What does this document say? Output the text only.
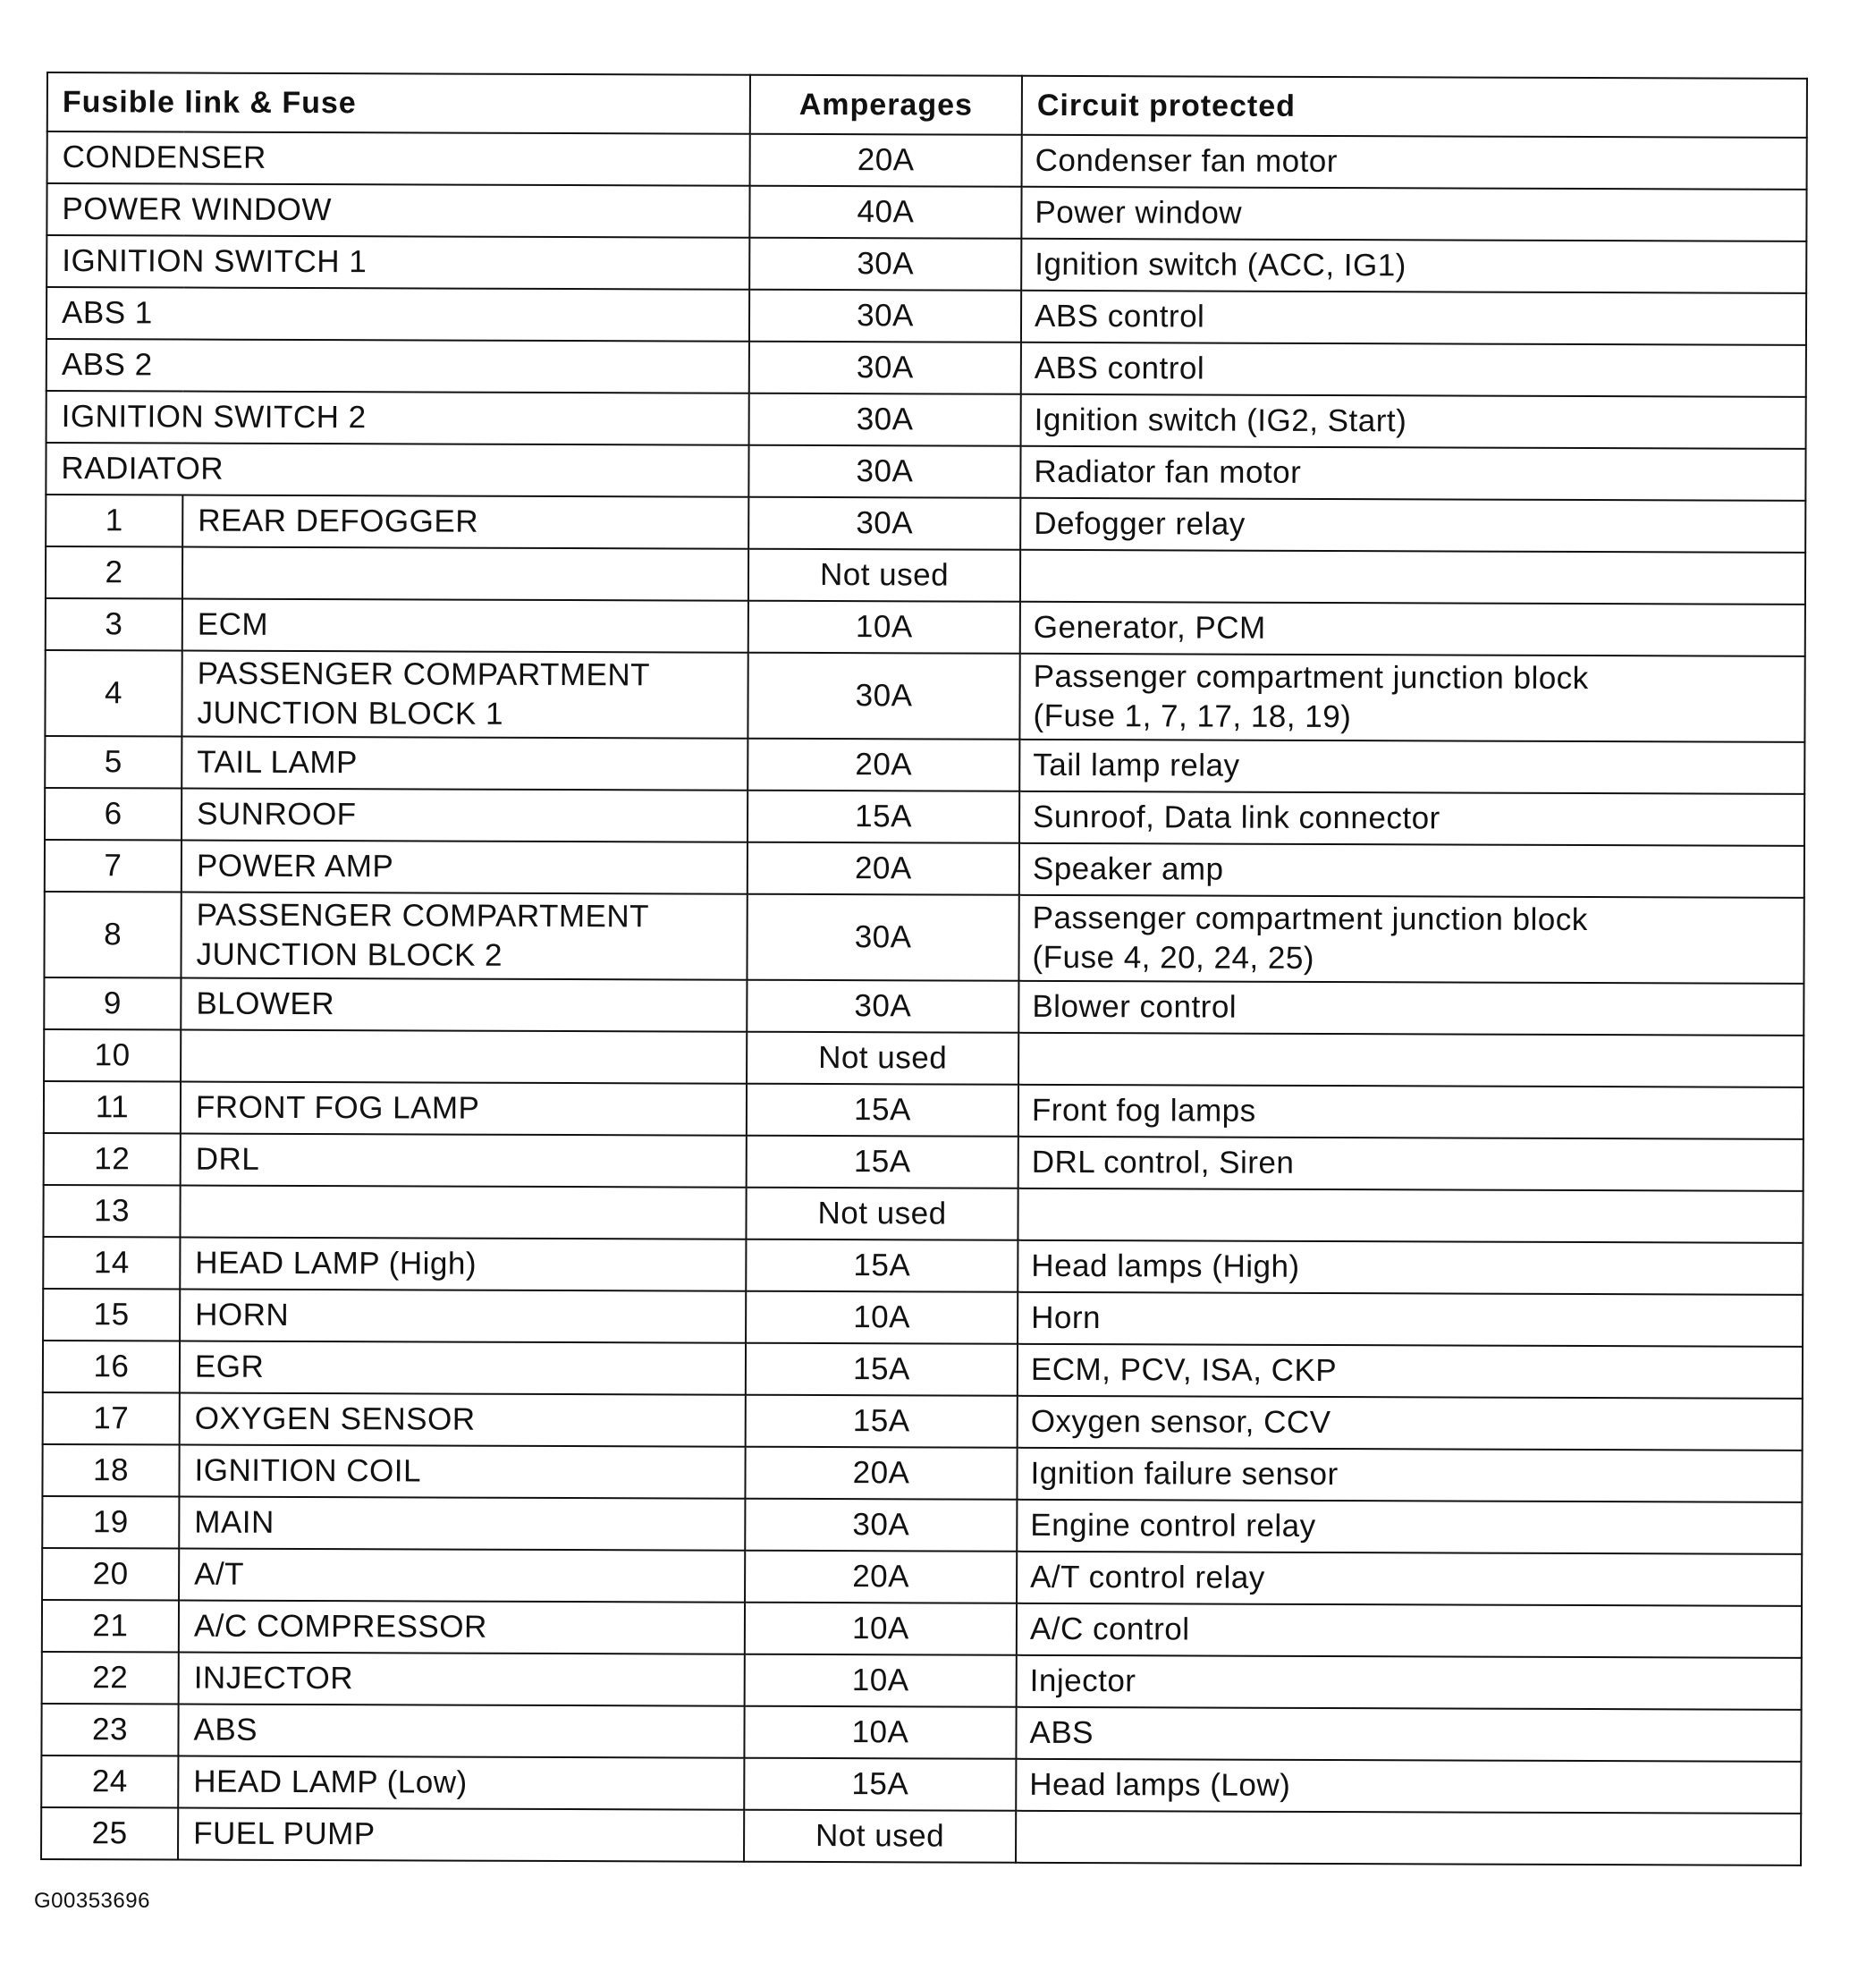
Fusible link & Fuse		Amperages	Circuit protected
CONDENSER		20A	Condenser fan motor
POWER WINDOW		40A	Power window
IGNITION SWITCH 1		30A	Ignition switch (ACC, IG1)
ABS 1		30A	ABS control
ABS 2		30A	ABS control
IGNITION SWITCH 2		30A	Ignition switch (IG2, Start)
RADIATOR		30A	Radiator fan motor
1	REAR DEFOGGER	30A	Defogger relay

2		Not used	

3	ECM	10A	Generator, PCM

4	PASSENGER COMPARTMENT
JUNCTION BLOCK 1	30A	Passenger compartment junction block
(Fuse 1, 7, 17, 18, 19)

5	TAIL LAMP	20A	Tail lamp relay

6	SUNROOF	15A	Sunroof, Data link connector

7	POWER AMP	20A	Speaker amp

8	PASSENGER COMPARTMENT
JUNCTION BLOCK 2	30A	Passenger compartment junction block
(Fuse 4, 20, 24, 25)

9	BLOWER	30A	Blower control

10		Not used	

11	FRONT FOG LAMP	15A	Front fog lamps

12	DRL	15A	DRL control, Siren

13		Not used	

14	HEAD LAMP (High)	15A	Head lamps (High)

15	HORN	10A	Horn

16	EGR	15A	ECM, PCV, ISA, CKP

17	OXYGEN SENSOR	15A	Oxygen sensor, CCV

18	IGNITION COIL	20A	Ignition failure sensor

19	MAIN	30A	Engine control relay

20	A/T	20A	A/T control relay

21	A/C COMPRESSOR	10A	A/C control

22	INJECTOR	10A	Injector

23	ABS	10A	ABS

24	HEAD LAMP (Low)	15A	Head lamps (Low)

25	FUEL PUMP	Not used	
G00353696
